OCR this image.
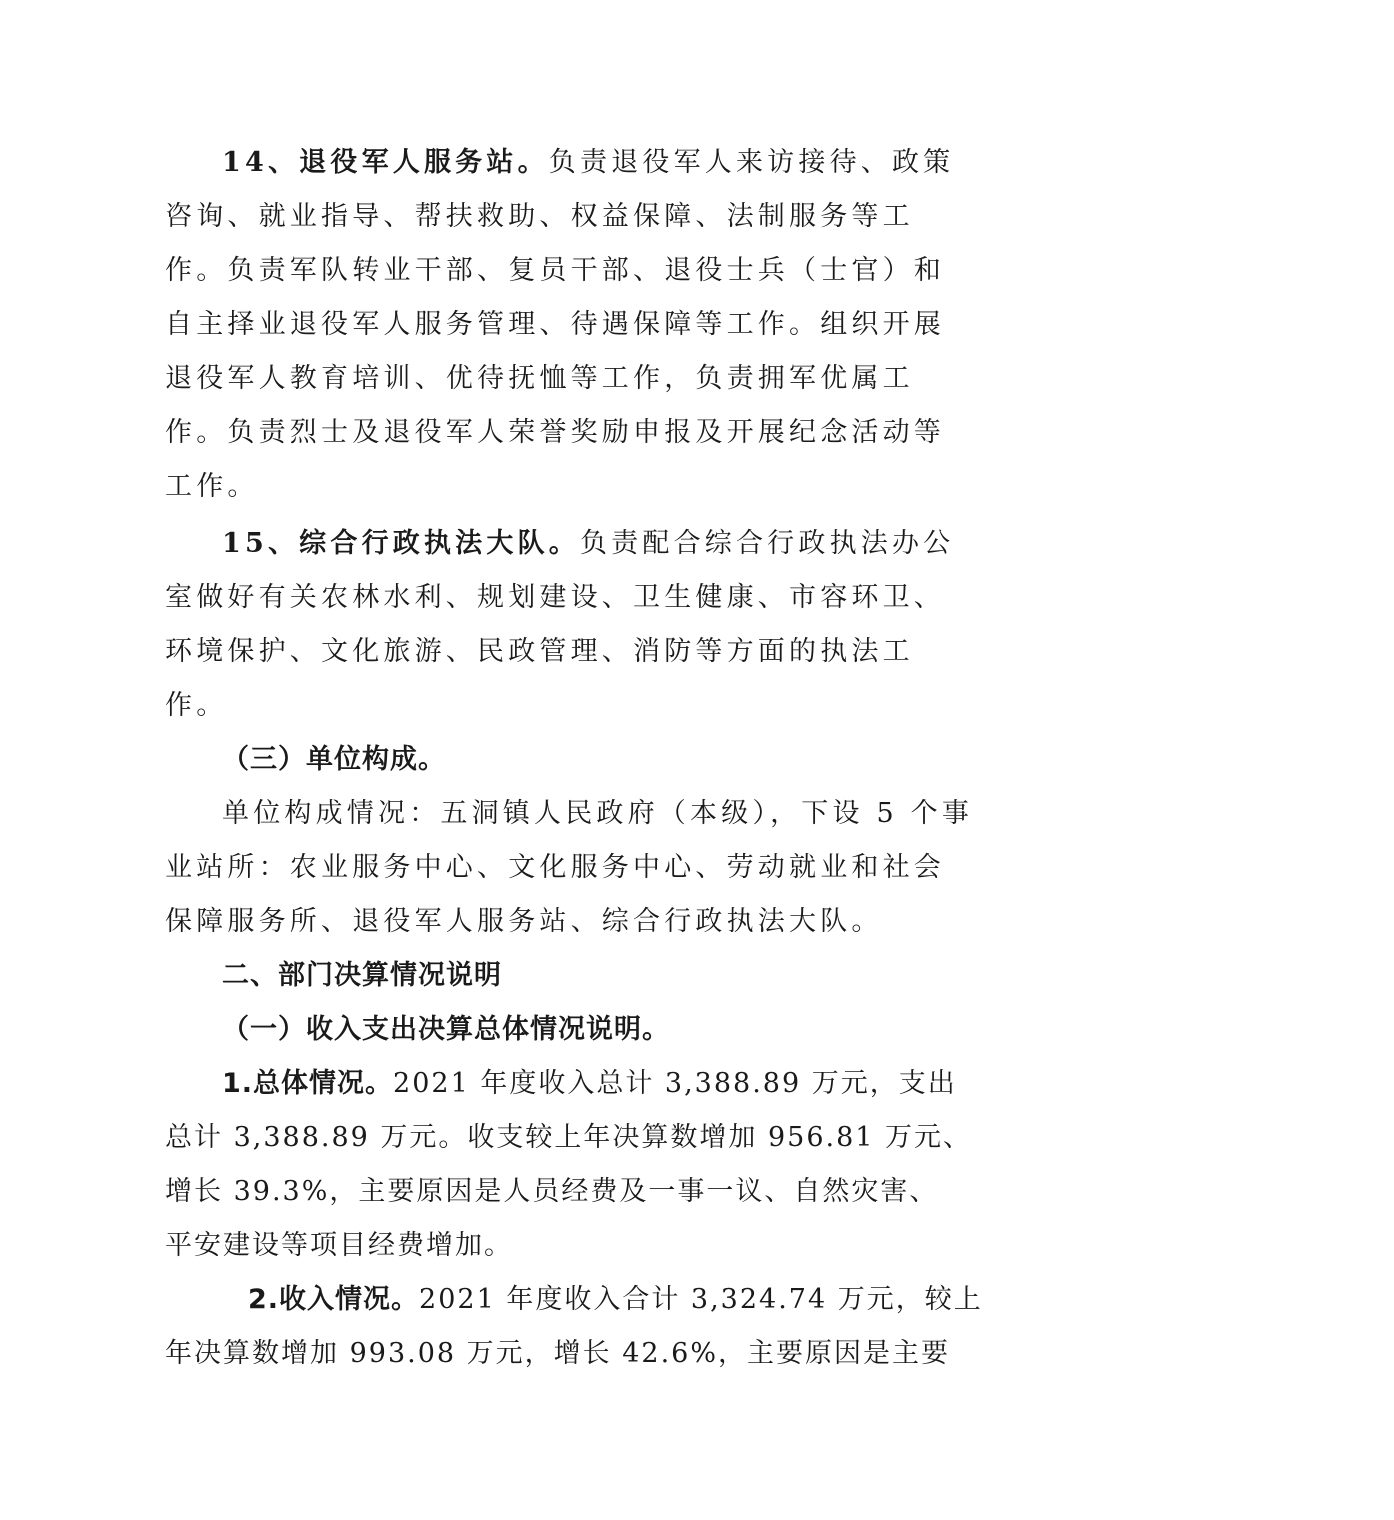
14、退役军人服务站。负责退役军人来访接待、政策

咨询、就业指导、帮扶救助、权益保障、法制服务等工

作。负责军队转业干部、复员干部、退役士兵（士官）和

自主择业退役军人服务管理、待遇保障等工作。组织开展

退役军人教育培训、优待抚恤等工作，负责拥军优属工

作。负责烈士及退役军人荣誉奖励申报及开展纪念活动等

工作。

15、综合行政执法大队。负责配合综合行政执法办公

室做好有关农林水利、规划建设、卫生健康、市容环卫、

环境保护、文化旅游、民政管理、消防等方面的执法工

作。

（三）单位构成。

单位构成情况：五洞镇人民政府（本级），下设 5 个事

业站所：农业服务中心、文化服务中心、劳动就业和社会

保障服务所、退役军人服务站、综合行政执法大队。

二、部门决算情况说明

（一）收入支出决算总体情况说明。

1.总体情况。2021 年度收入总计 3,388.89 万元，支出

总计 3,388.89 万元。收支较上年决算数增加 956.81 万元、

增长 39.3%，主要原因是人员经费及一事一议、自然灾害、

平安建设等项目经费增加。

2.收入情况。2021 年度收入合计 3,324.74 万元，较上

年决算数增加 993.08 万元，增长 42.6%，主要原因是主要
